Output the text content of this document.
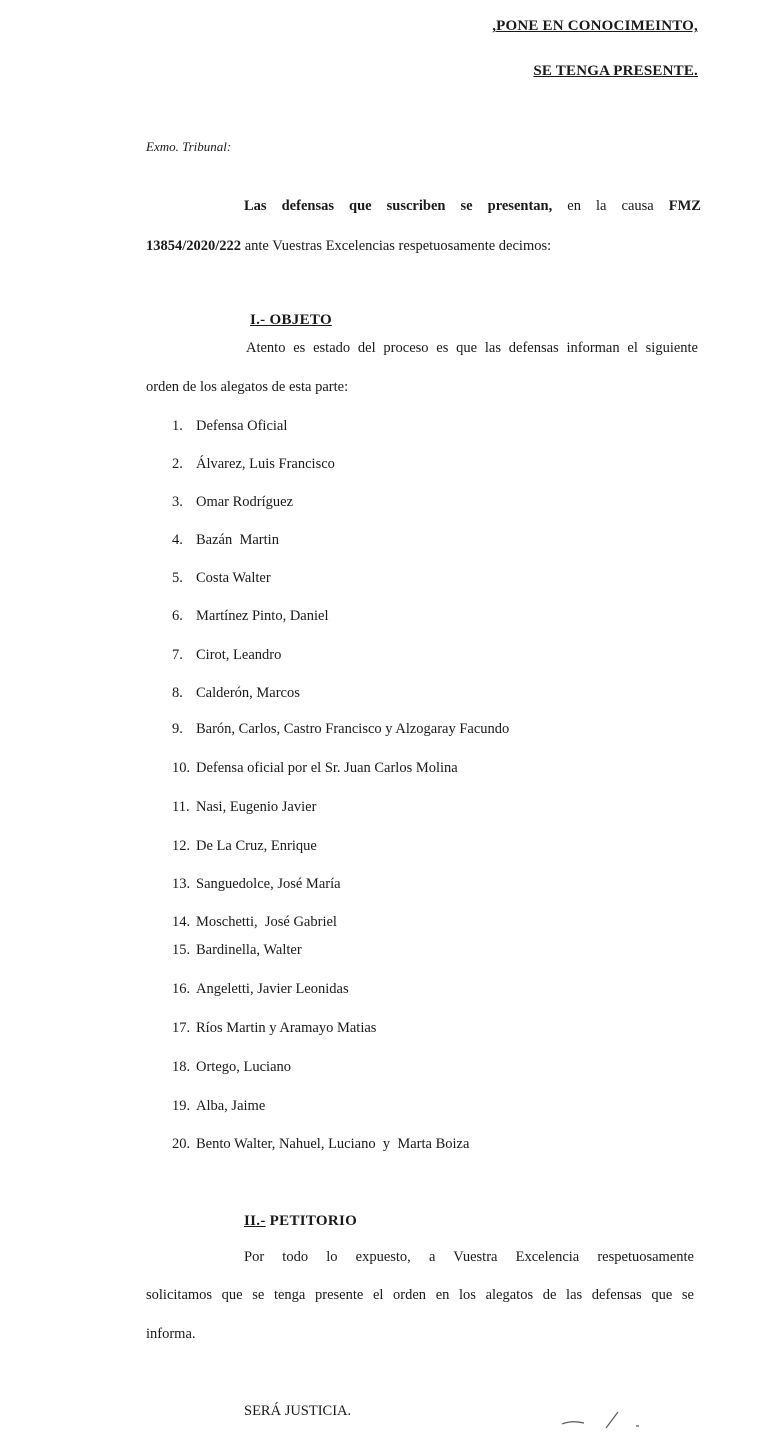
,PONE EN CONOCIMEINTO,
SE TENGA PRESENTE.
Exmo. Tribunal:
Las defensas que suscriben se presentan, en la causa FMZ
13854/2020/222 ante Vuestras Excelencias respetuosamente decimos:
I.- OBJETO
Atento es estado del proceso es que las defensas informan el siguiente
orden de los alegatos de esta parte:
1. Defensa Oficial
2. Álvarez, Luis Francisco
3. Omar Rodríguez
4. Bazán  Martin
5. Costa Walter
6. Martínez Pinto, Daniel
7. Cirot, Leandro
8. Calderón, Marcos
9. Barón, Carlos, Castro Francisco y Alzogaray Facundo
10. Defensa oficial por el Sr. Juan Carlos Molina
11. Nasi, Eugenio Javier
12. De La Cruz, Enrique
13. Sanguedolce, José María
14. Moschetti,  José Gabriel
15. Bardinella, Walter
16. Angeletti, Javier Leonidas
17. Ríos Martin y Aramayo Matias
18. Ortego, Luciano
19. Alba, Jaime
20. Bento Walter, Nahuel, Luciano  y  Marta Boiza
II.- PETITORIO
Por todo lo expuesto, a Vuestra Excelencia respetuosamente
solicitamos que se tenga presente el orden en los alegatos de las defensas que se
informa.
SERÁ JUSTICIA.
